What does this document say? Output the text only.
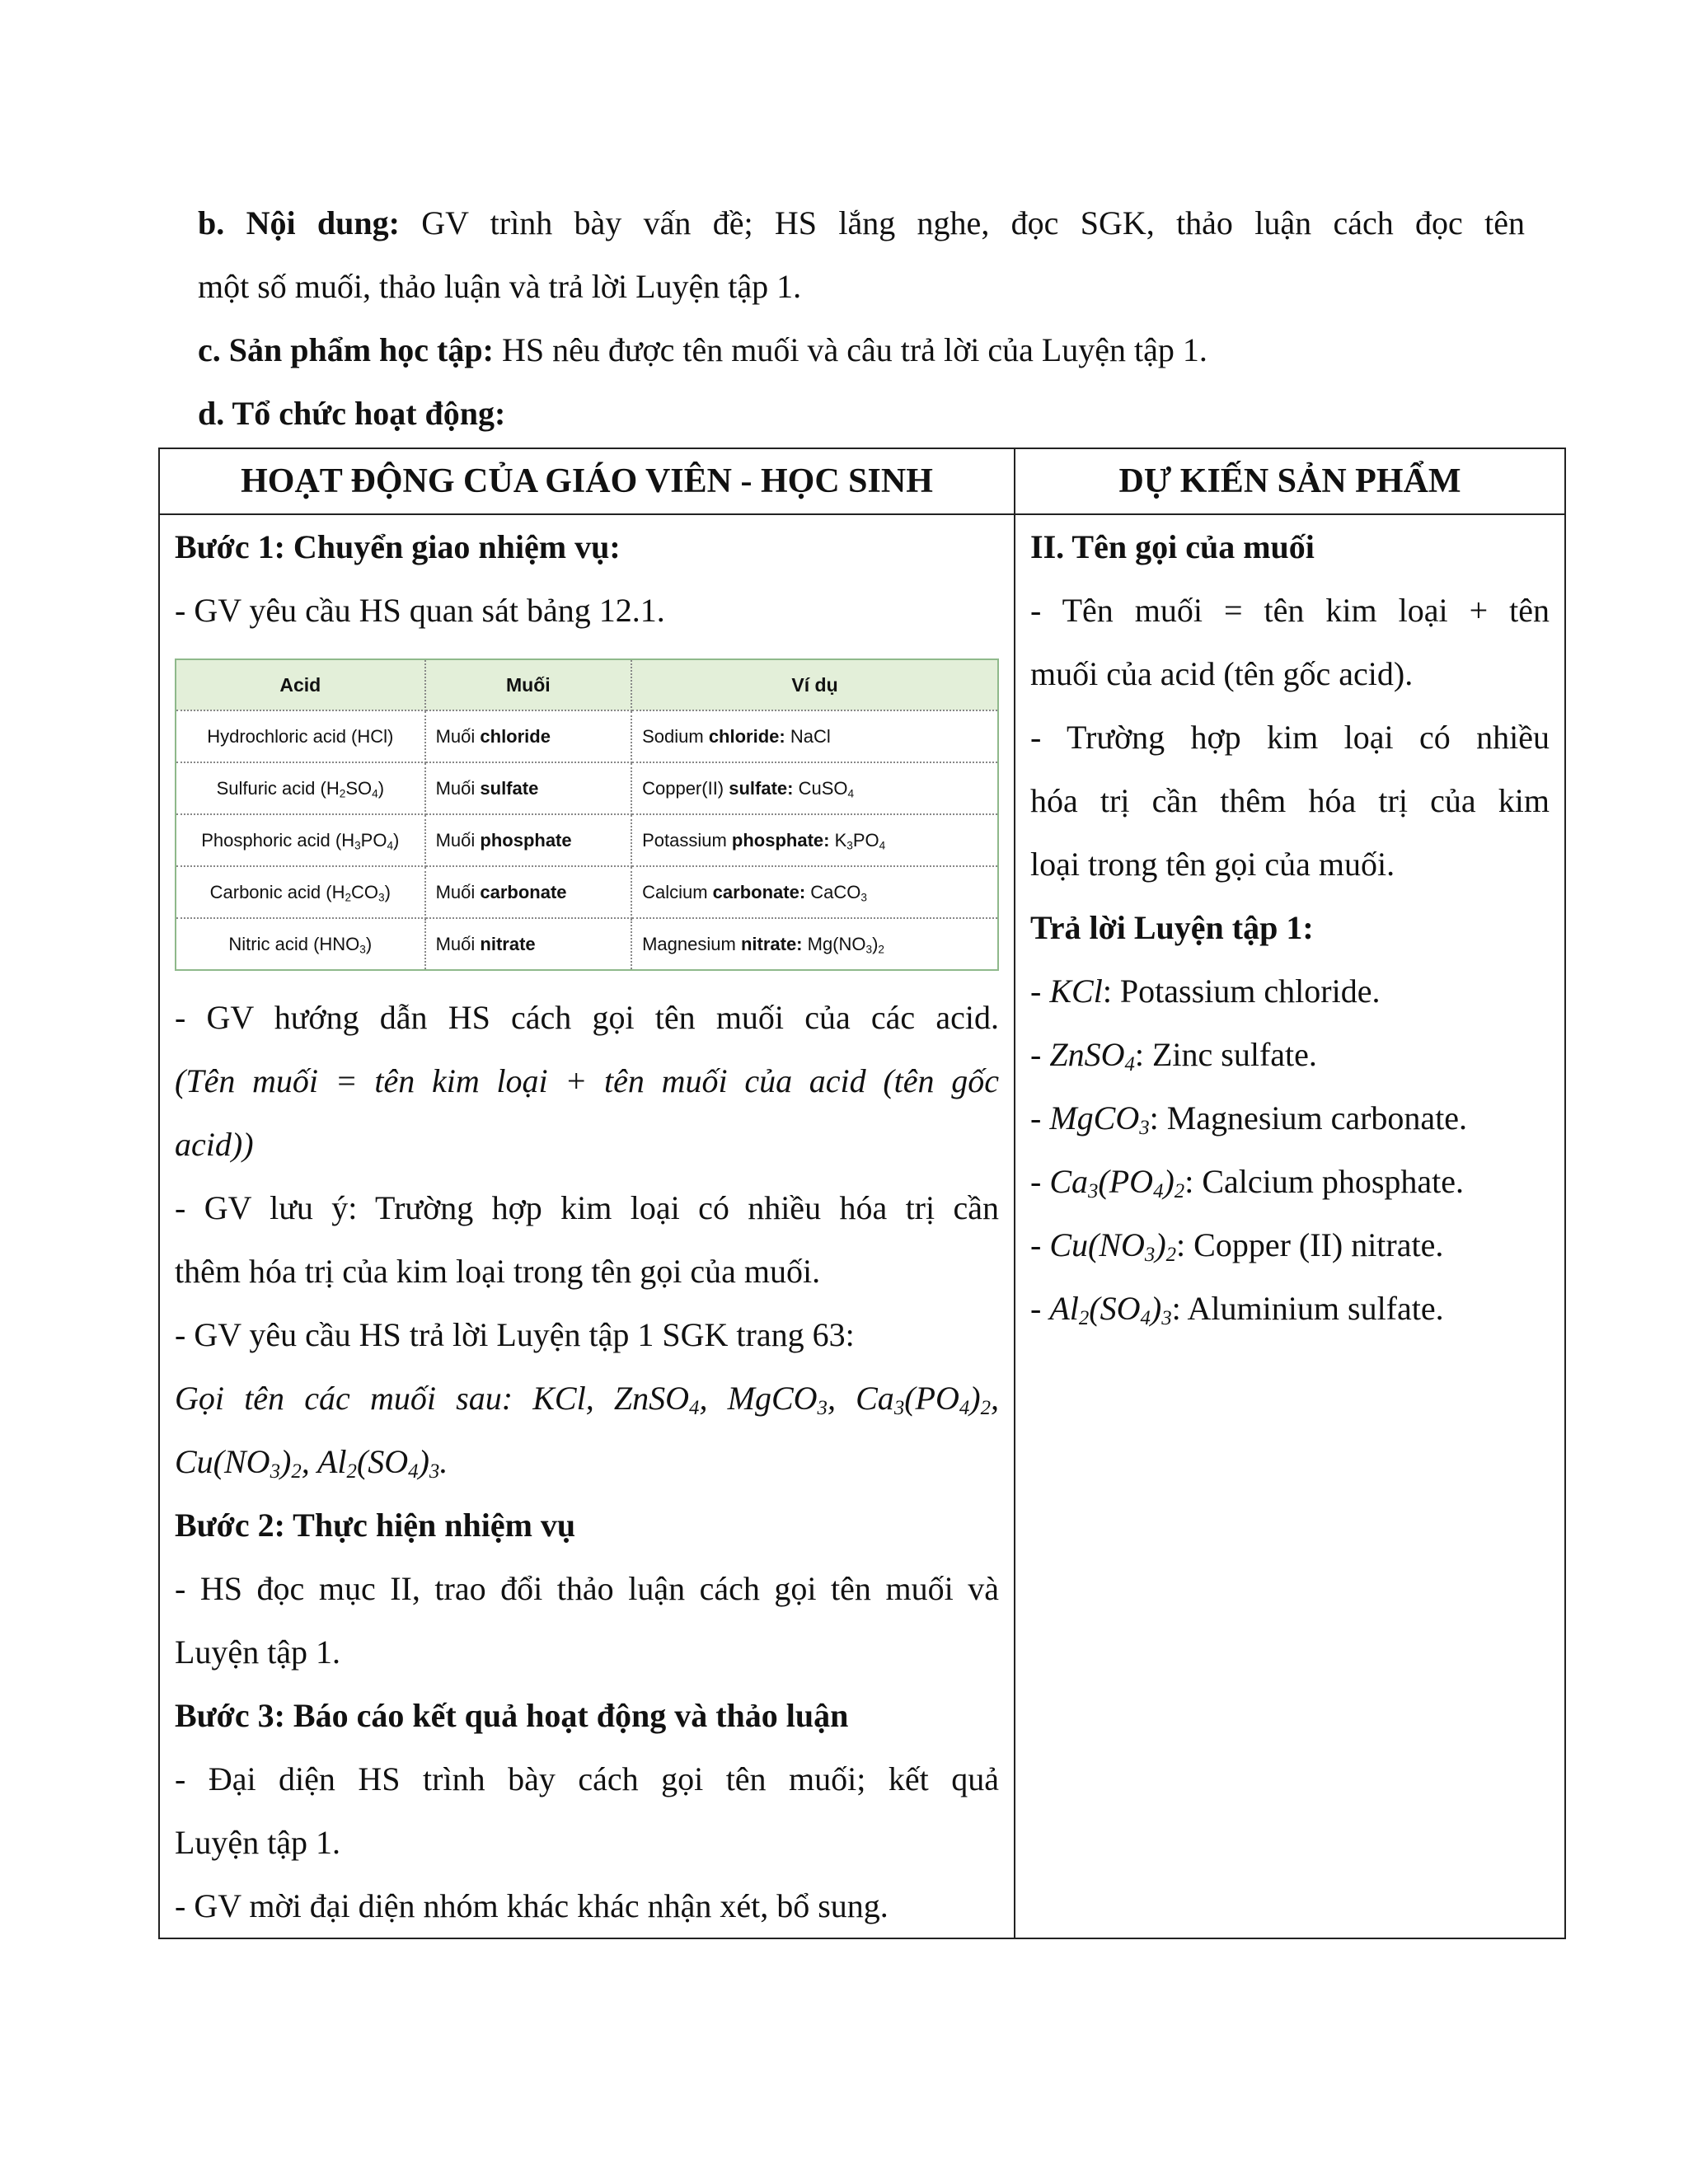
b. Nội dung: GV trình bày vấn đề; HS lắng nghe, đọc SGK, thảo luận cách đọc tên

một số muối, thảo luận và trả lời Luyện tập 1.

c. Sản phẩm học tập: HS nêu được tên muối và câu trả lời của Luyện tập 1.

d. Tổ chức hoạt động:

HOẠT ĐỘNG CỦA GIÁO VIÊN - HỌC SINH	DỰ KIẾN SẢN PHẨM

Bước 1: Chuyển giao nhiệm vụ:
- GV yêu cầu HS quan sát bảng 12.1.
Acid	Muối	Ví dụ
Hydrochloric acid (HCl)	Muối chloride	Sodium chloride: NaCl
Sulfuric acid $(H_2SO_4)$	Muối sulfate	Copper(II) sulfate: CuSO$_4$
Phosphoric acid $(H_3PO_4)$	Muối phosphate	Potassium phosphate: $K_3PO_4$
Carbonic acid $(H_2CO_3)$	Muối carbonate	Calcium carbonate: CaCO$_3$
Nitric acid $(HNO_3)$	Muối nitrate	Magnesium nitrate: $Mg(NO_3)_2$
- GV hướng dẫn HS cách gọi tên muối của các acid.
(Tên muối = tên kim loại + tên muối của acid (tên gốc
acid))
- GV lưu ý: Trường hợp kim loại có nhiều hóa trị cần
thêm hóa trị của kim loại trong tên gọi của muối.
- GV yêu cầu HS trả lời Luyện tập 1 SGK trang 63:
Gọi tên các muối sau: KCl, ZnSO$_4$, MgCO$_3$, $Ca_3(PO_4)_2$,
$Cu(NO_3)_2$, $Al_2(SO_4)_3$.
Bước 2: Thực hiện nhiệm vụ
- HS đọc mục II, trao đổi thảo luận cách gọi tên muối và
Luyện tập 1.
Bước 3: Báo cáo kết quả hoạt động và thảo luận
- Đại diện HS trình bày cách gọi tên muối; kết quả
Luyện tập 1.
- GV mời đại diện nhóm khác khác nhận xét, bổ sung.

II. Tên gọi của muối
- Tên muối = tên kim loại + tên
muối của acid (tên gốc acid).
- Trường hợp kim loại có nhiều
hóa trị cần thêm hóa trị của kim
loại trong tên gọi của muối.
Trả lời Luyện tập 1:
- KCl: Potassium chloride.
- ZnSO$_4$: Zinc sulfate.
- MgCO$_3$: Magnesium carbonate.
- $Ca_3(PO_4)_2$: Calcium phosphate.
- $Cu(NO_3)_2$: Copper (II) nitrate.
- $Al_2(SO_4)_3$: Aluminium sulfate.
